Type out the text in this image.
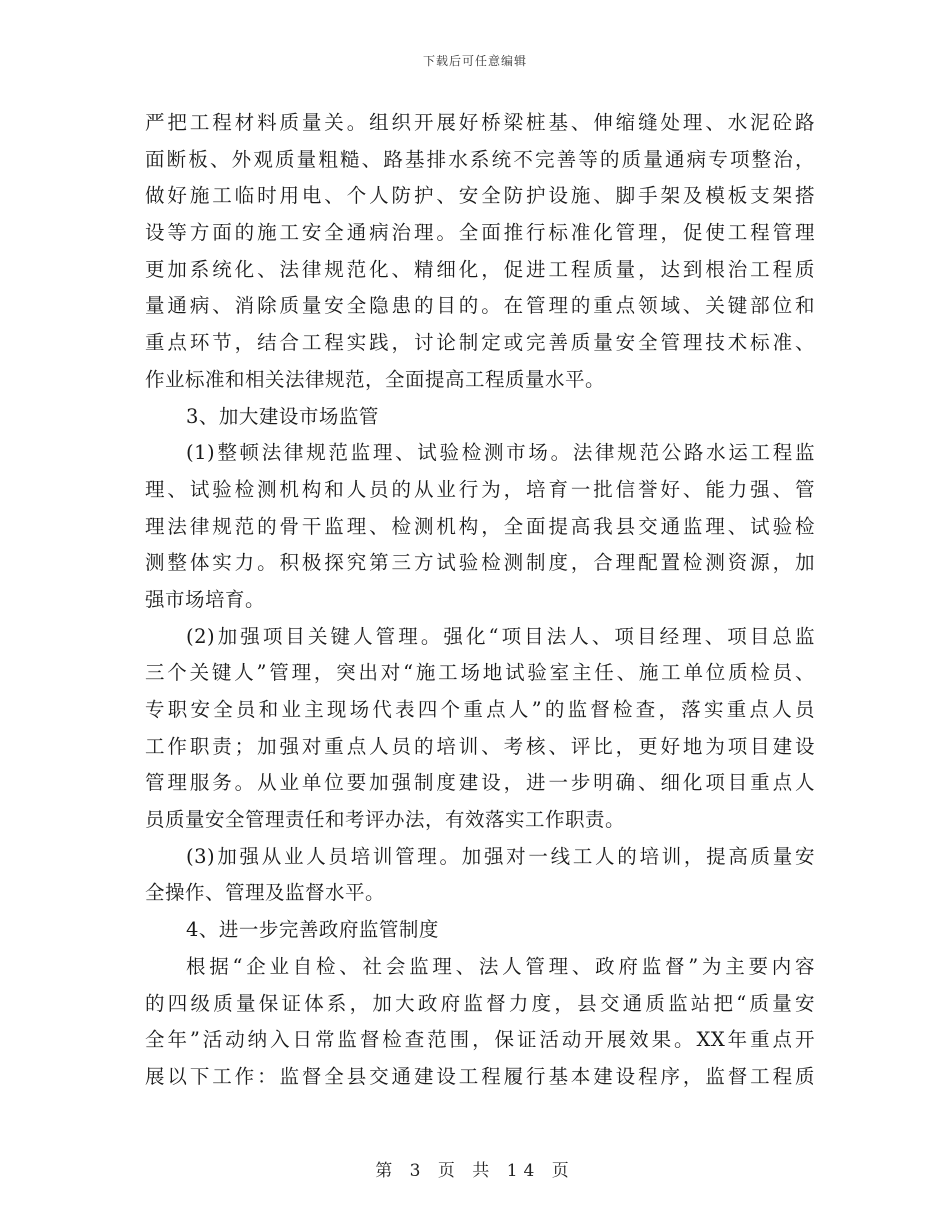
下载后可任意编辑
严把工程材料质量关。组织开展好桥梁桩基、伸缩缝处理、水泥砼路
面断板、外观质量粗糙、路基排水系统不完善等的质量通病专项整治，
做好施工临时用电、个人防护、安全防护设施、脚手架及模板支架搭
设等方面的施工安全通病治理。全面推行标准化管理，促使工程管理
更加系统化、法律规范化、精细化，促进工程质量，达到根治工程质
量通病、消除质量安全隐患的目的。在管理的重点领域、关键部位和
重点环节，结合工程实践，讨论制定或完善质量安全管理技术标准、
作业标准和相关法律规范，全面提高工程质量水平。
3、加大建设市场监管
(1)整顿法律规范监理、试验检测市场。法律规范公路水运工程监
理、试验检测机构和人员的从业行为，培育一批信誉好、能力强、管
理法律规范的骨干监理、检测机构，全面提高我县交通监理、试验检
测整体实力。积极探究第三方试验检测制度，合理配置检测资源，加
强市场培育。
(2)加强项目关键人管理。强化“项目法人、项目经理、项目总监
三个关键人”管理，突出对“施工场地试验室主任、施工单位质检员、
专职安全员和业主现场代表四个重点人”的监督检查，落实重点人员
工作职责；加强对重点人员的培训、考核、评比，更好地为项目建设
管理服务。从业单位要加强制度建设，进一步明确、细化项目重点人
员质量安全管理责任和考评办法，有效落实工作职责。
(3)加强从业人员培训管理。加强对一线工人的培训，提高质量安
全操作、管理及监督水平。
4、进一步完善政府监管制度
根据“企业自检、社会监理、法人管理、政府监督”为主要内容
的四级质量保证体系，加大政府监督力度，县交通质监站把“质量安
全年”活动纳入日常监督检查范围，保证活动开展效果。XX年重点开
展以下工作：监督全县交通建设工程履行基本建设程序，监督工程质
第 3 页 共 14 页
